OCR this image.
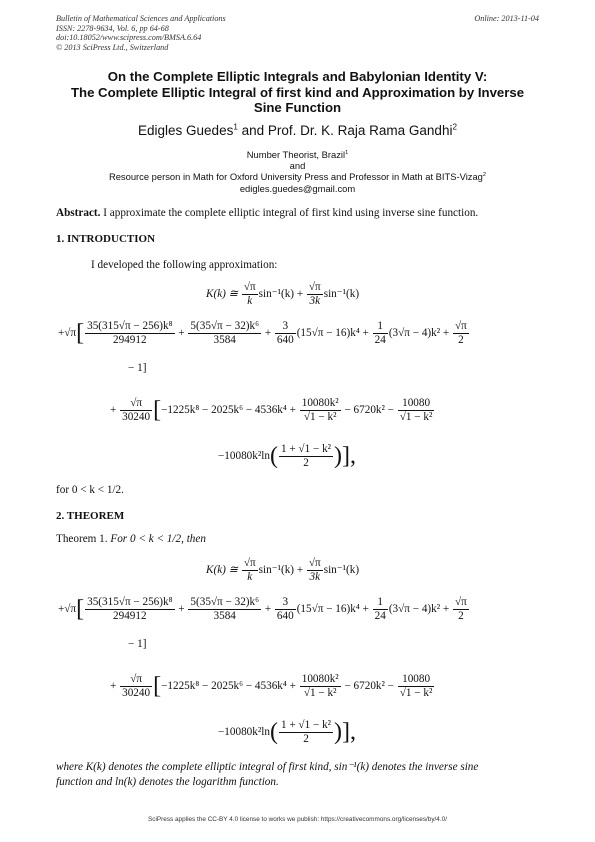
Bulletin of Mathematical Sciences and Applications
ISSN: 2278-9634, Vol. 6, pp 64-68
doi:10.18052/www.scipress.com/BMSA.6.64
© 2013 SciPress Ltd., Switzerland
Online: 2013-11-04
On the Complete Elliptic Integrals and Babylonian Identity V:
The Complete Elliptic Integral of first kind and Approximation by Inverse
Sine Function
Edigles Guedes$^1$ and Prof. Dr. K. Raja Rama Gandhi$^2$
Number Theorist, Brazil$^1$
and
Resource person in Math for Oxford University Press and Professor in Math at BITS-Vizag$^2$
edigles.guedes@gmail.com
Abstract. I approximate the complete elliptic integral of first kind using inverse sine function.
1. INTRODUCTION
I developed the following approximation:
K(k) ≅ $\frac{√\pi}{k} \sin^{-1}(k) + \frac{√\pi}{3k} \sin^{-1}(k)$
$+√\pi[ \frac{\text{35(315√π − 256)k⁸}}{294912} + \frac{\text{5(35√π − 32)k⁶}}{3584} + \frac{3}{640} (15√\pi - 16)k^4 + \frac{1}{24} (3√\pi - 4)k^2 + \frac{√\pi}{2}$
− 1]
+ $\frac{√\pi}{30240} [-1225k^8 - 2025k^6 - 4536k^4 + \frac{\text{10080k²}}{\text{√1 − k²}} - 6720k^2 - \frac{10080}{\text{√1 − k²}}$
$-10080k^2\ln( \frac{\text{1 + √1 − k²}}{2}$ )],
for 0 < k < 1/2.
2. THEOREM
Theorem 1. For 0 < k < 1/2, then
K(k) ≅ $\frac{√\pi}{k} \sin^{-1}(k) + \frac{√\pi}{3k} \sin^{-1}(k)$
$+√\pi[ \frac{\text{35(315√π − 256)k⁸}}{294912} + \frac{\text{5(35√π − 32)k⁶}}{3584} + \frac{3}{640} (15√\pi - 16)k^4 + \frac{1}{24} (3√\pi - 4)k^2 + \frac{√\pi}{2}$
− 1]
+ $\frac{√\pi}{30240} [-1225k^8 - 2025k^6 - 4536k^4 + \frac{\text{10080k²}}{\text{√1 − k²}} - 6720k^2 - \frac{10080}{\text{√1 − k²}}$
$-10080k^2\ln( \frac{\text{1 + √1 − k²}}{2}$ )],
where K(k) denotes the complete elliptic integral of first kind, sin⁻¹(k) denotes the inverse sine
function and ln(k) denotes the logarithm function.
SciPress applies the CC-BY 4.0 license to works we publish: https://creativecommons.org/licenses/by/4.0/
